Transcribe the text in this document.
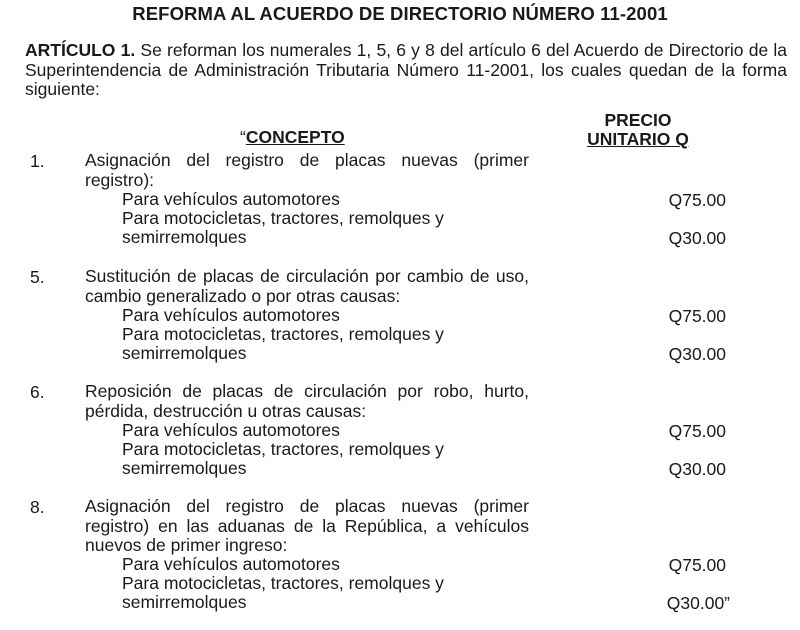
REFORMA AL ACUERDO DE DIRECTORIO NÚMERO 11-2001
ARTÍCULO 1. Se reforman los numerales 1, 5, 6 y 8 del artículo 6 del Acuerdo de Directorio de la Superintendencia de Administración Tributaria Número 11-2001, los cuales quedan de la forma siguiente:
“CONCEPTO
PRECIO
UNITARIO Q
1. Asignación del registro de placas nuevas (primer registro):
Para vehículos automotores	Q75.00
Para motocicletas, tractores, remolques y
semirremolques	Q30.00
5. Sustitución de placas de circulación por cambio de uso, cambio generalizado o por otras causas:
Para vehículos automotores	Q75.00
Para motocicletas, tractores, remolques y
semirremolques	Q30.00
6. Reposición de placas de circulación por robo, hurto, pérdida, destrucción u otras causas:
Para vehículos automotores	Q75.00
Para motocicletas, tractores, remolques y
semirremolques	Q30.00
8. Asignación del registro de placas nuevas (primer registro) en las aduanas de la República, a vehículos nuevos de primer ingreso:
Para vehículos automotores	Q75.00
Para motocicletas, tractores, remolques y
semirremolques	Q30.00”
